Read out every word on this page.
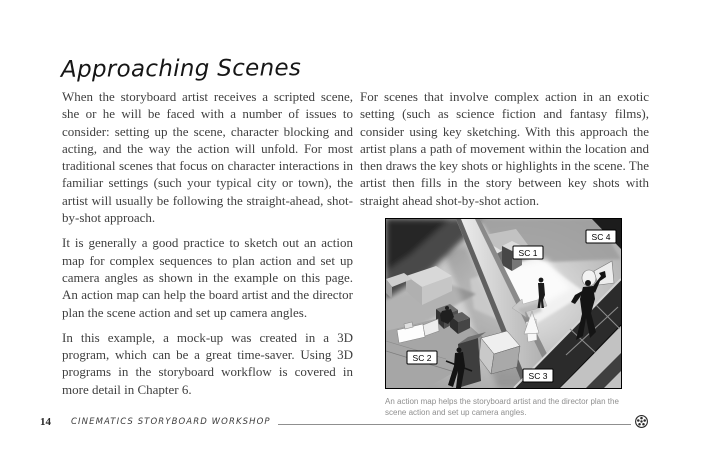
Approaching Scenes

When the storyboard artist receives a scripted scene, she or he will be faced with a number of issues to consider: setting up the scene, character blocking and acting, and the way the action will unfold. For most traditional scenes that focus on character interactions in familiar settings (such your typical city or town), the artist will usually be following the straight-ahead, shot-by-shot approach.

It is generally a good practice to sketch out an action map for complex sequences to plan action and set up camera angles as shown in the example on this page. An action map can help the board artist and the director plan the scene action and set up camera angles.

In this example, a mock-up was created in a 3D program, which can be a great time-saver. Using 3D programs in the storyboard workflow is covered in more detail in Chapter 6.

For scenes that involve complex action in an exotic setting (such as science fiction and fantasy films), consider using key sketching. With this approach the artist plans a path of movement within the location and then draws the key shots or highlights in the scene. The artist then fills in the story between key shots with straight ahead shot-by-shot action.

SC 1
SC 4
SC 2
SC 3
An action map helps the storyboard artist and the director plan the scene action and set up camera angles.
14 CINEMATICS STORYBOARD WORKSHOP
